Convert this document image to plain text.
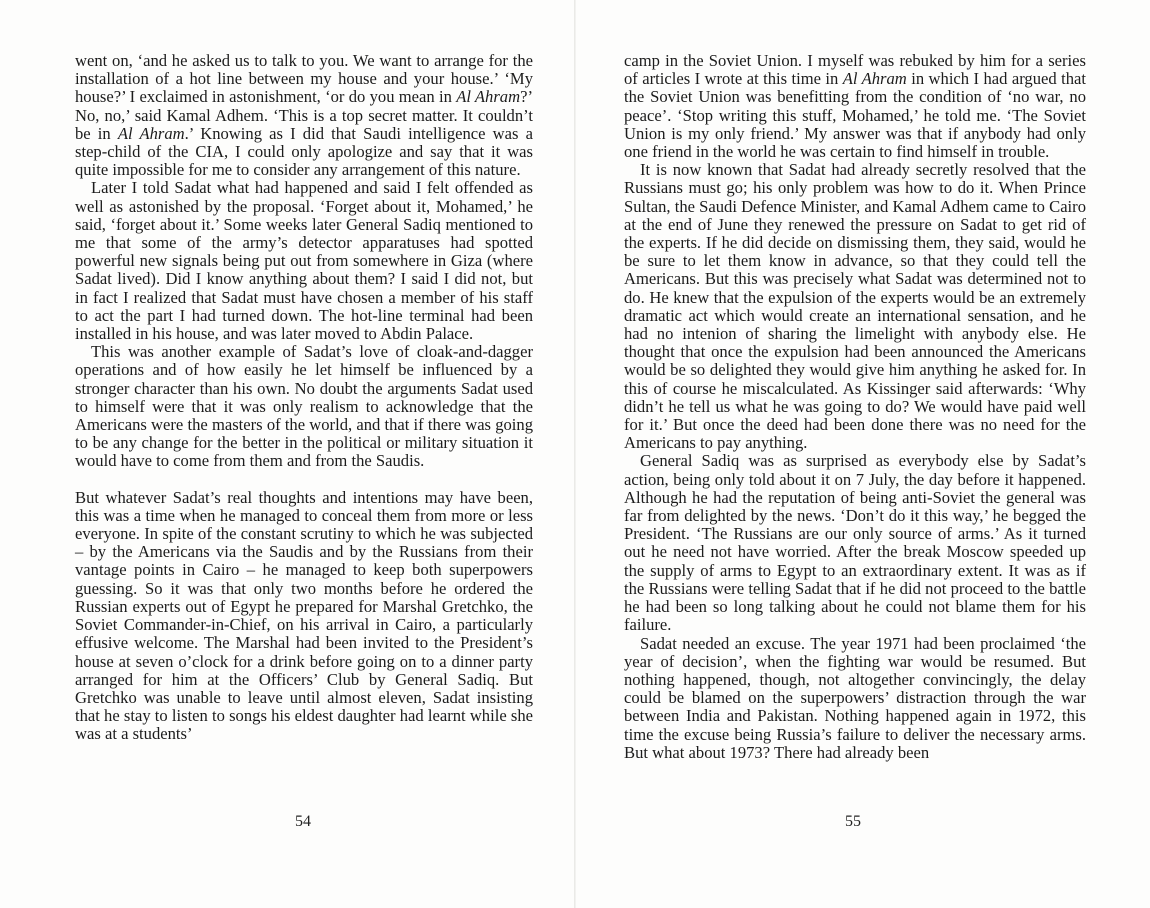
went on, ‘and he asked us to talk to you. We want to arrange for the installation of a hot line between my house and your house.’ ‘My house?’ I exclaimed in astonishment, ‘or do you mean in Al Ahram?’ No, no,’ said Kamal Adhem. ‘This is a top secret matter. It couldn’t be in Al Ahram.’ Knowing as I did that Saudi intelligence was a step-child of the CIA, I could only apologize and say that it was quite impossible for me to consider any arrangement of this nature.

Later I told Sadat what had happened and said I felt offended as well as astonished by the proposal. ‘Forget about it, Mohamed,’ he said, ‘forget about it.’ Some weeks later General Sadiq mentioned to me that some of the army’s detector apparatuses had spotted powerful new signals being put out from somewhere in Giza (where Sadat lived). Did I know anything about them? I said I did not, but in fact I realized that Sadat must have chosen a member of his staff to act the part I had turned down. The hot-line terminal had been installed in his house, and was later moved to Abdin Palace.

This was another example of Sadat’s love of cloak-and-dagger operations and of how easily he let himself be influenced by a stronger character than his own. No doubt the arguments Sadat used to himself were that it was only realism to acknowledge that the Americans were the masters of the world, and that if there was going to be any change for the better in the political or military situation it would have to come from them and from the Saudis.

But whatever Sadat’s real thoughts and intentions may have been, this was a time when he managed to conceal them from more or less everyone. In spite of the constant scrutiny to which he was subjected – by the Americans via the Saudis and by the Russians from their vantage points in Cairo – he managed to keep both superpowers guessing. So it was that only two months before he ordered the Russian experts out of Egypt he prepared for Marshal Gretchko, the Soviet Commander-in-Chief, on his arrival in Cairo, a particularly effusive welcome. The Marshal had been invited to the President’s house at seven o’clock for a drink before going on to a dinner party arranged for him at the Officers’ Club by General Sadiq. But Gretchko was unable to leave until almost eleven, Sadat insisting that he stay to listen to songs his eldest daughter had learnt while she was at a students’

54

camp in the Soviet Union. I myself was rebuked by him for a series of articles I wrote at this time in Al Ahram in which I had argued that the Soviet Union was benefitting from the condition of ‘no war, no peace’. ‘Stop writing this stuff, Mohamed,’ he told me. ‘The Soviet Union is my only friend.’ My answer was that if anybody had only one friend in the world he was certain to find himself in trouble.

It is now known that Sadat had already secretly resolved that the Russians must go; his only problem was how to do it. When Prince Sultan, the Saudi Defence Minister, and Kamal Adhem came to Cairo at the end of June they renewed the pressure on Sadat to get rid of the experts. If he did decide on dismissing them, they said, would he be sure to let them know in advance, so that they could tell the Americans. But this was precisely what Sadat was determined not to do. He knew that the expulsion of the experts would be an extremely dramatic act which would create an international sensation, and he had no intenion of sharing the limelight with anybody else. He thought that once the expulsion had been announced the Americans would be so delighted they would give him anything he asked for. In this of course he miscalculated. As Kissinger said afterwards: ‘Why didn’t he tell us what he was going to do? We would have paid well for it.’ But once the deed had been done there was no need for the Americans to pay anything.

General Sadiq was as surprised as everybody else by Sadat’s action, being only told about it on 7 July, the day before it happened. Although he had the reputation of being anti-Soviet the general was far from delighted by the news. ‘Don’t do it this way,’ he begged the President. ‘The Russians are our only source of arms.’ As it turned out he need not have worried. After the break Moscow speeded up the supply of arms to Egypt to an extraordinary extent. It was as if the Russians were telling Sadat that if he did not proceed to the battle he had been so long talking about he could not blame them for his failure.

Sadat needed an excuse. The year 1971 had been proclaimed ‘the year of decision’, when the fighting war would be resumed. But nothing happened, though, not altogether convincingly, the delay could be blamed on the superpowers’ distraction through the war between India and Pakistan. Nothing happened again in 1972, this time the excuse being Russia’s failure to deliver the necessary arms. But what about 1973? There had already been

55
